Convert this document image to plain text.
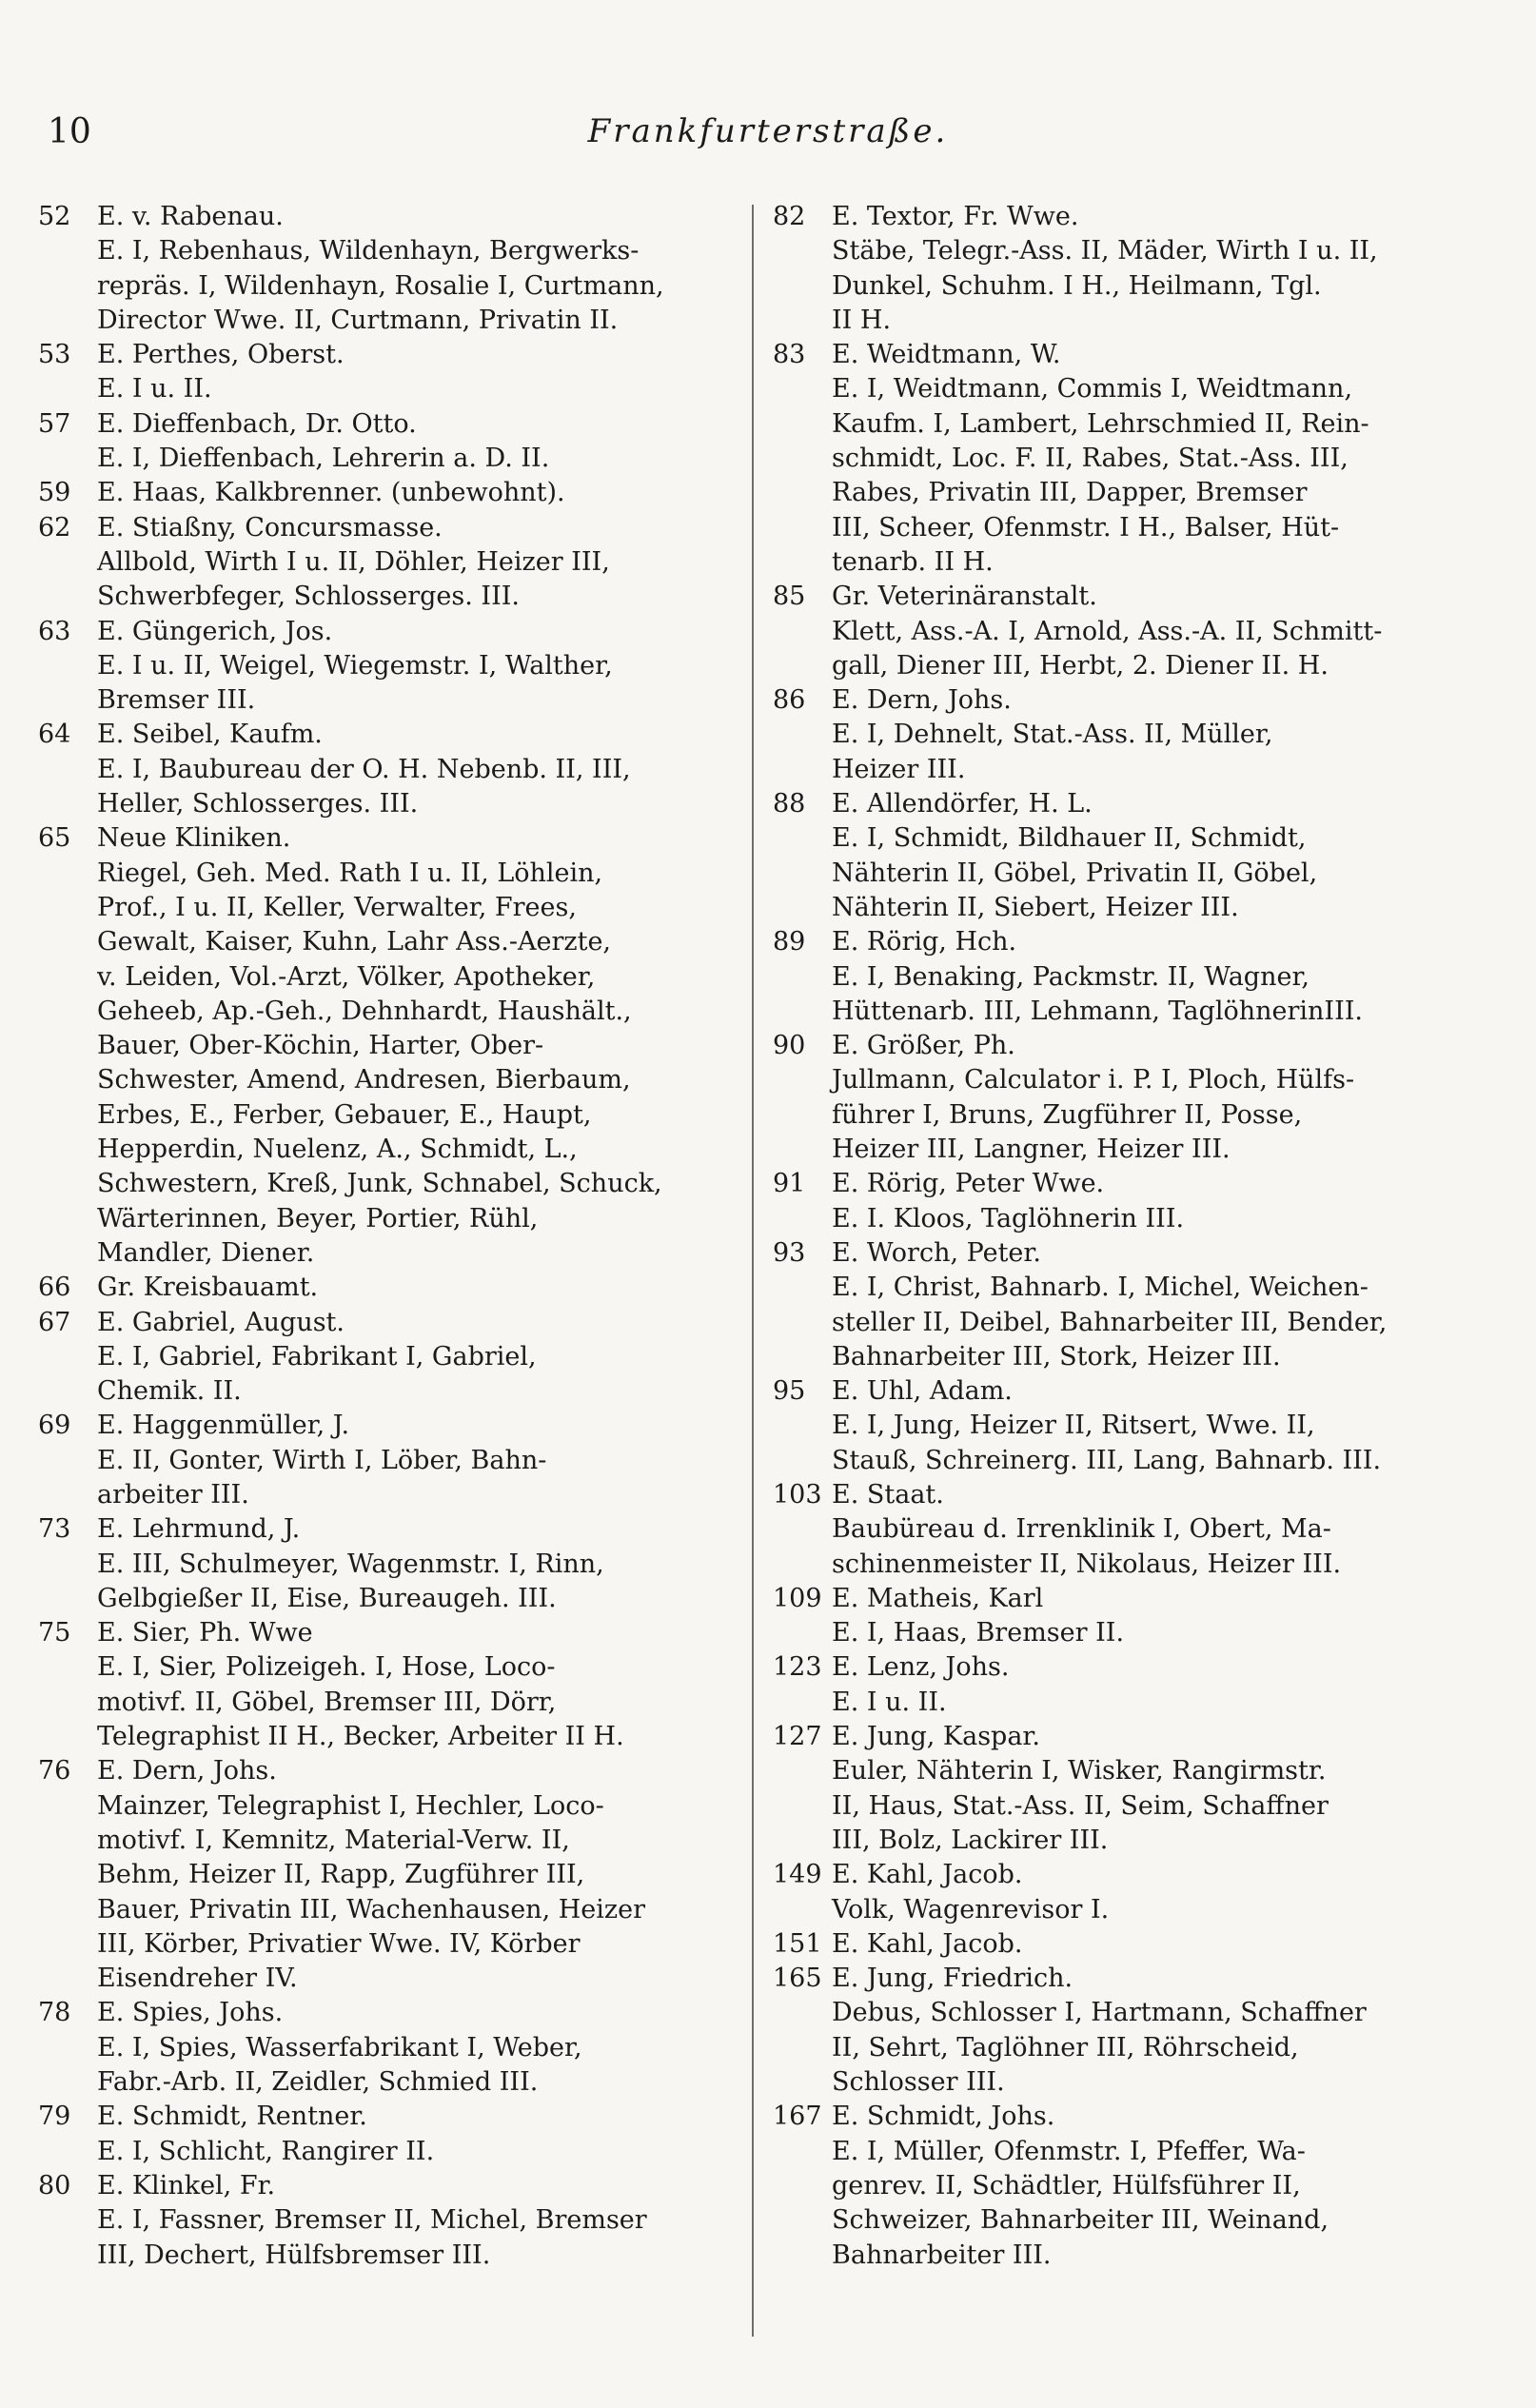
10	Frankfurterstraße.
52 E. v. Rabenau.
E. I, Rebenhaus, Wildenhayn, Bergwerks-
repräs. I, Wildenhayn, Rosalie I, Curtmann,
Director Wwe. II, Curtmann, Privatin II.
53 E. Perthes, Oberst.
E. I u. II.
57 E. Dieffenbach, Dr. Otto.
E. I, Dieffenbach, Lehrerin a. D. II.
59 E. Haas, Kalkbrenner. (unbewohnt).
62 E. Stiaßny, Concursmasse.
Allbold, Wirth I u. II, Döhler, Heizer III,
Schwerbfeger, Schlosserges. III.
63 E. Güngerich, Jos.
E. I u. II, Weigel, Wiegemstr. I, Walther,
Bremser III.
64 E. Seibel, Kaufm.
E. I, Baubureau der O. H. Nebenb. II, III,
Heller, Schlosserges. III.
65 Neue Kliniken.
Riegel, Geh. Med. Rath I u. II, Löhlein,
Prof., I u. II, Keller, Verwalter, Frees,
Gewalt, Kaiser, Kuhn, Lahr Ass.-Aerzte,
v. Leiden, Vol.-Arzt, Völker, Apotheker,
Geheeb, Ap.-Geh., Dehnhardt, Haushält.,
Bauer, Ober-Köchin, Harter, Ober-
Schwester, Amend, Andresen, Bierbaum,
Erbes, E., Ferber, Gebauer, E., Haupt,
Hepperdin, Nuelenz, A., Schmidt, L.,
Schwestern, Kreß, Junk, Schnabel, Schuck,
Wärterinnen, Beyer, Portier, Rühl,
Mandler, Diener.
66 Gr. Kreisbauamt.
67 E. Gabriel, August.
E. I, Gabriel, Fabrikant I, Gabriel,
Chemik. II.
69 E. Haggenmüller, J.
E. II, Gonter, Wirth I, Löber, Bahn-
arbeiter III.
73 E. Lehrmund, J.
E. III, Schulmeyer, Wagenmstr. I, Rinn,
Gelbgießer II, Eise, Bureaugeh. III.
75 E. Sier, Ph. Wwe
E. I, Sier, Polizeigeh. I, Hose, Loco-
motivf. II, Göbel, Bremser III, Dörr,
Telegraphist II H., Becker, Arbeiter II H.
76 E. Dern, Johs.
Mainzer, Telegraphist I, Hechler, Loco-
motivf. I, Kemnitz, Material-Verw. II,
Behm, Heizer II, Rapp, Zugführer III,
Bauer, Privatin III, Wachenhausen, Heizer
III, Körber, Privatier Wwe. IV, Körber
Eisendreher IV.
78 E. Spies, Johs.
E. I, Spies, Wasserfabrikant I, Weber,
Fabr.-Arb. II, Zeidler, Schmied III.
79 E. Schmidt, Rentner.
E. I, Schlicht, Rangirer II.
80 E. Klinkel, Fr.
E. I, Fassner, Bremser II, Michel, Bremser
III, Dechert, Hülfsbremser III.
82 E. Textor, Fr. Wwe.
Stäbe, Telegr.-Ass. II, Mäder, Wirth I u. II,
Dunkel, Schuhm. I H., Heilmann, Tgl.
II H.
83 E. Weidtmann, W.
E. I, Weidtmann, Commis I, Weidtmann,
Kaufm. I, Lambert, Lehrschmied II, Rein-
schmidt, Loc. F. II, Rabes, Stat.-Ass. III,
Rabes, Privatin III, Dapper, Bremser
III, Scheer, Ofenmstr. I H., Balser, Hüt-
tenarb. II H.
85 Gr. Veterinäranstalt.
Klett, Ass.-A. I, Arnold, Ass.-A. II, Schmitt-
gall, Diener III, Herbt, 2. Diener II. H.
86 E. Dern, Johs.
E. I, Dehnelt, Stat.-Ass. II, Müller,
Heizer III.
88 E. Allendörfer, H. L.
E. I, Schmidt, Bildhauer II, Schmidt,
Nähterin II, Göbel, Privatin II, Göbel,
Nähterin II, Siebert, Heizer III.
89 E. Rörig, Hch.
E. I, Benaking, Packmstr. II, Wagner,
Hüttenarb. III, Lehmann, TaglöhnerinIII.
90 E. Größer, Ph.
Jullmann, Calculator i. P. I, Ploch, Hülfs-
führer I, Bruns, Zugführer II, Posse,
Heizer III, Langner, Heizer III.
91 E. Rörig, Peter Wwe.
E. I. Kloos, Taglöhnerin III.
93 E. Worch, Peter.
E. I, Christ, Bahnarb. I, Michel, Weichen-
steller II, Deibel, Bahnarbeiter III, Bender,
Bahnarbeiter III, Stork, Heizer III.
95 E. Uhl, Adam.
E. I, Jung, Heizer II, Ritsert, Wwe. II,
Stauß, Schreinerg. III, Lang, Bahnarb. III.
103 E. Staat.
Baubüreau d. Irrenklinik I, Obert, Ma-
schinenmeister II, Nikolaus, Heizer III.
109 E. Matheis, Karl
E. I, Haas, Bremser II.
123 E. Lenz, Johs.
E. I u. II.
127 E. Jung, Kaspar.
Euler, Nähterin I, Wisker, Rangirmstr.
II, Haus, Stat.-Ass. II, Seim, Schaffner
III, Bolz, Lackirer III.
149 E. Kahl, Jacob.
Volk, Wagenrevisor I.
151 E. Kahl, Jacob.
165 E. Jung, Friedrich.
Debus, Schlosser I, Hartmann, Schaffner
II, Sehrt, Taglöhner III, Röhrscheid,
Schlosser III.
167 E. Schmidt, Johs.
E. I, Müller, Ofenmstr. I, Pfeffer, Wa-
genrev. II, Schädtler, Hülfsführer II,
Schweizer, Bahnarbeiter III, Weinand,
Bahnarbeiter III.
